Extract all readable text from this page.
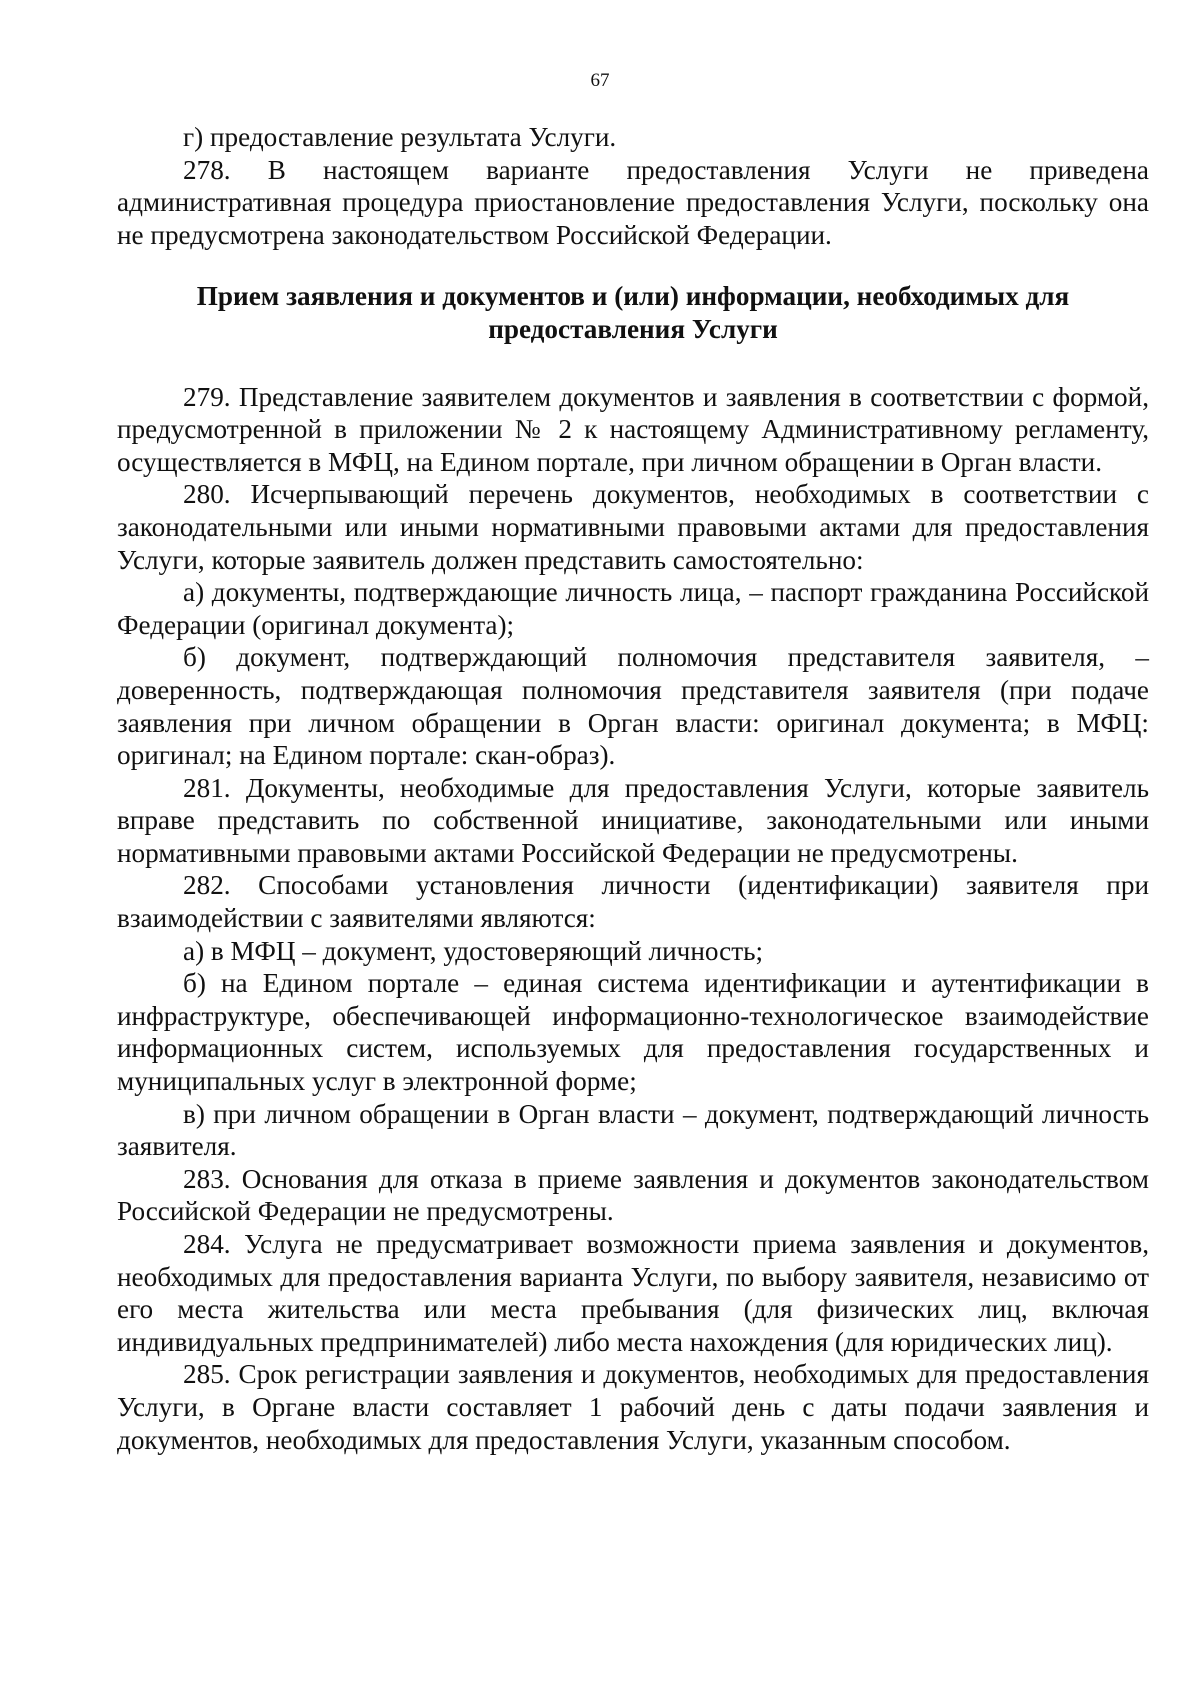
67

г) предоставление результата Услуги.

278. В настоящем варианте предоставления Услуги не приведена административная процедура приостановление предоставления Услуги, поскольку она не предусмотрена законодательством Российской Федерации.

Прием заявления и документов и (или) информации, необходимых для предоставления Услуги

279. Представление заявителем документов и заявления в соответствии с формой, предусмотренной в приложении № 2 к настоящему Административному регламенту, осуществляется в МФЦ, на Едином портале, при личном обращении в Орган власти.

280. Исчерпывающий перечень документов, необходимых в соответствии с законодательными или иными нормативными правовыми актами для предоставления Услуги, которые заявитель должен представить самостоятельно:

а) документы, подтверждающие личность лица, – паспорт гражданина Российской Федерации (оригинал документа);

б) документ, подтверждающий полномочия представителя заявителя, – доверенность, подтверждающая полномочия представителя заявителя (при подаче заявления при личном обращении в Орган власти: оригинал документа; в МФЦ: оригинал; на Едином портале: скан-образ).

281. Документы, необходимые для предоставления Услуги, которые заявитель вправе представить по собственной инициативе, законодательными или иными нормативными правовыми актами Российской Федерации не предусмотрены.

282. Способами установления личности (идентификации) заявителя при взаимодействии с заявителями являются:

а) в МФЦ – документ, удостоверяющий личность;

б) на Едином портале – единая система идентификации и аутентификации в инфраструктуре, обеспечивающей информационно-технологическое взаимодействие информационных систем, используемых для предоставления государственных и муниципальных услуг в электронной форме;

в) при личном обращении в Орган власти – документ, подтверждающий личность заявителя.

283. Основания для отказа в приеме заявления и документов законодательством Российской Федерации не предусмотрены.

284. Услуга не предусматривает возможности приема заявления и документов, необходимых для предоставления варианта Услуги, по выбору заявителя, независимо от его места жительства или места пребывания (для физических лиц, включая индивидуальных предпринимателей) либо места нахождения (для юридических лиц).

285. Срок регистрации заявления и документов, необходимых для предоставления Услуги, в Органе власти составляет 1 рабочий день с даты подачи заявления и документов, необходимых для предоставления Услуги, указанным способом.
